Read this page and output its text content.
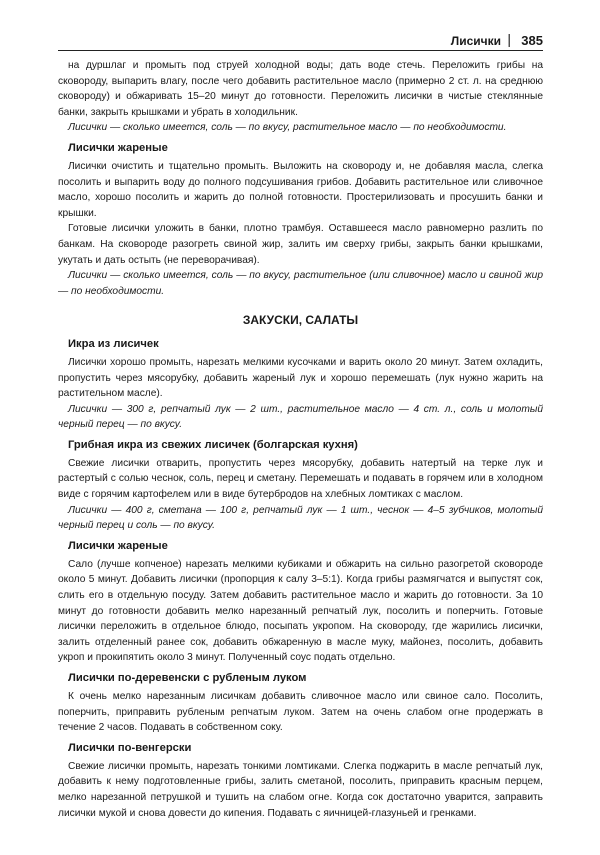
Лисички | 385

на дуршлаг и промыть под струей холодной воды; дать воде стечь. Переложить грибы на сковороду, выпарить влагу, после чего добавить растительное масло (примерно 2 ст. л. на среднюю сковороду) и обжаривать 15–20 минут до готовности. Переложить лисички в чистые стеклянные банки, закрыть крышками и убрать в холодильник.

Лисички — сколько имеется, соль — по вкусу, растительное масло — по необходимости.

Лисички жареные

Лисички очистить и тщательно промыть. Выложить на сковороду и, не добавляя масла, слегка посолить и выпарить воду до полного подсушивания грибов. Добавить растительное или сливочное масло, хорошо посолить и жарить до полной готовности. Простерилизовать и просушить банки и крышки.

Готовые лисички уложить в банки, плотно трамбуя. Оставшееся масло равномерно разлить по банкам. На сковороде разогреть свиной жир, залить им сверху грибы, закрыть банки крышками, укутать и дать остыть (не переворачивая).

Лисички — сколько имеется, соль — по вкусу, растительное (или сливочное) масло и свиной жир — по необходимости.

ЗАКУСКИ, САЛАТЫ
Икра из лисичек

Лисички хорошо промыть, нарезать мелкими кусочками и варить около 20 минут. Затем охладить, пропустить через мясорубку, добавить жареный лук и хорошо перемешать (лук нужно жарить на растительном масле).

Лисички — 300 г, репчатый лук — 2 шт., растительное масло — 4 ст. л., соль и молотый черный перец — по вкусу.

Грибная икра из свежих лисичек (болгарская кухня)

Свежие лисички отварить, пропустить через мясорубку, добавить натертый на терке лук и растертый с солью чеснок, соль, перец и сметану. Перемешать и подавать в горячем или в холодном виде с горячим картофелем или в виде бутербродов на хлебных ломтиках с маслом.

Лисички — 400 г, сметана — 100 г, репчатый лук — 1 шт., чеснок — 4–5 зубчиков, молотый черный перец и соль — по вкусу.

Лисички жареные

Сало (лучше копченое) нарезать мелкими кубиками и обжарить на сильно разогретой сковороде около 5 минут. Добавить лисички (пропорция к салу 3–5:1). Когда грибы размягчатся и выпустят сок, слить его в отдельную посуду. Затем добавить растительное масло и жарить до готовности. За 10 минут до готовности добавить мелко нарезанный репчатый лук, посолить и поперчить. Готовые лисички переложить в отдельное блюдо, посыпать укропом. На сковороду, где жарились лисички, залить отделенный ранее сок, добавить обжаренную в масле муку, майонез, посолить, добавить укроп и прокипятить около 3 минут. Полученный соус подать отдельно.

Лисички по-деревенски с рубленым луком

К очень мелко нарезанным лисичкам добавить сливочное масло или свиное сало. Посолить, поперчить, приправить рубленым репчатым луком. Затем на очень слабом огне продержать в течение 2 часов. Подавать в собственном соку.

Лисички по-венгерски

Свежие лисички промыть, нарезать тонкими ломтиками. Слегка поджарить в масле репчатый лук, добавить к нему подготовленные грибы, залить сметаной, посолить, приправить красным перцем, мелко нарезанной петрушкой и тушить на слабом огне. Когда сок достаточно уварится, заправить лисички мукой и снова довести до кипения. Подавать с яичницей-глазуньей и гренками.
